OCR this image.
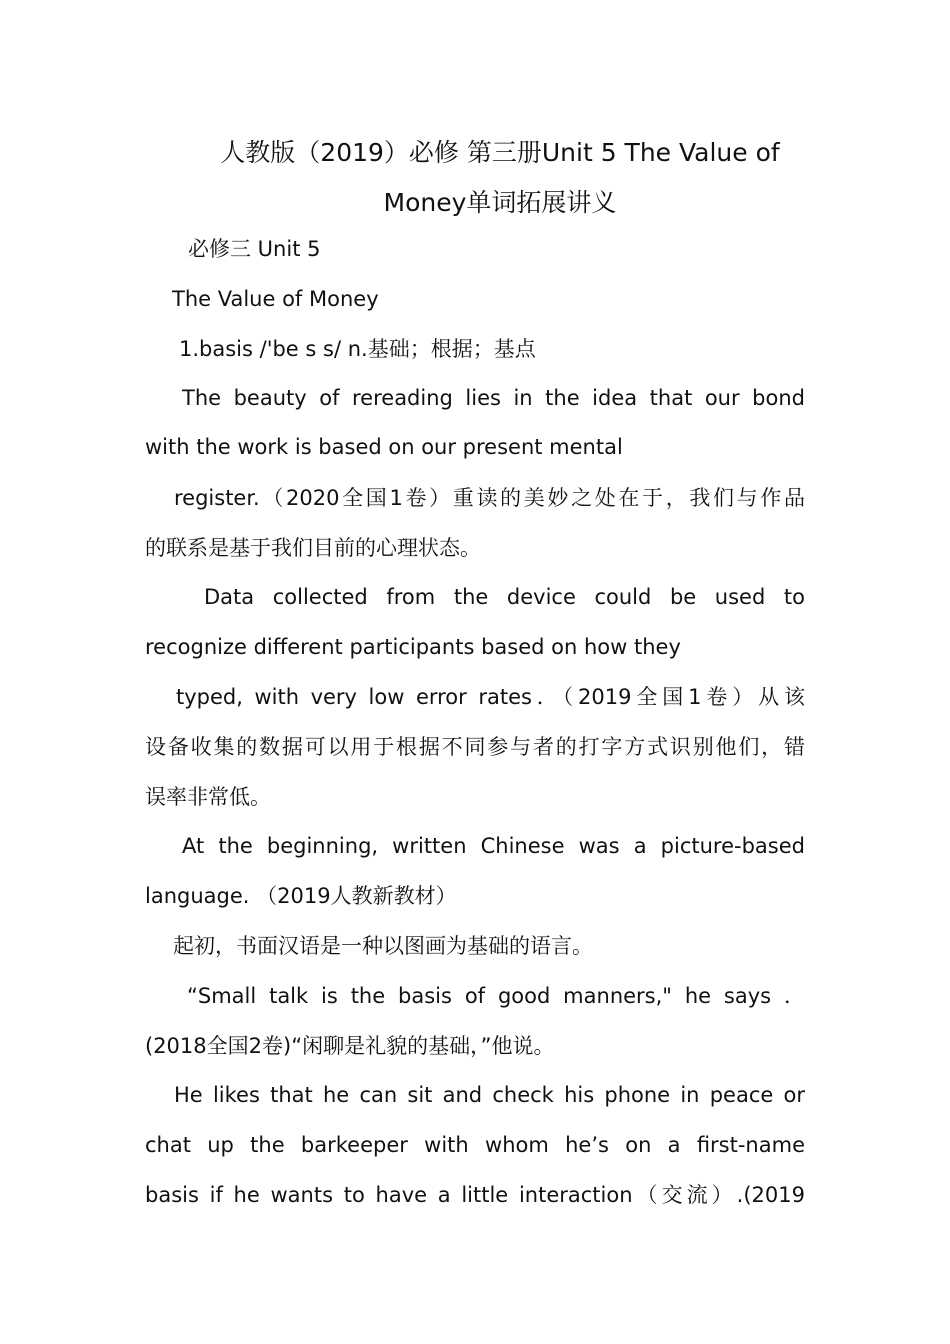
人教版（2019）必修 第三册Unit 5 The Value of
Money单词拓展讲义
必修三 Unit 5
The Value of Money
1.basis /'be s s/ n.基础；根据；基点
The beauty of rereading lies in the idea that our bond
with the work is based on our present mental
register.（2020全国1卷）重读的美妙之处在于，我们与作品
的联系是基于我们目前的心理状态。
Data collected from the device could be used to
recognize different participants based on how they
typed, with very low error rates．（2019全国1卷）从该
设备收集的数据可以用于根据不同参与者的打字方式识别他们，错
误率非常低。
At the beginning, written Chinese was a picture-based
language. （2019人教新教材）
起初，书面汉语是一种以图画为基础的语言。
“Small talk is the basis of good manners," he says ．
(2018全国2卷)“闲聊是礼貌的基础，”他说。
He likes that he can sit and check his phone in peace or
chat up the barkeeper with whom he’s on a first-name
basis if he wants to have a little interaction（交流）.(2019
